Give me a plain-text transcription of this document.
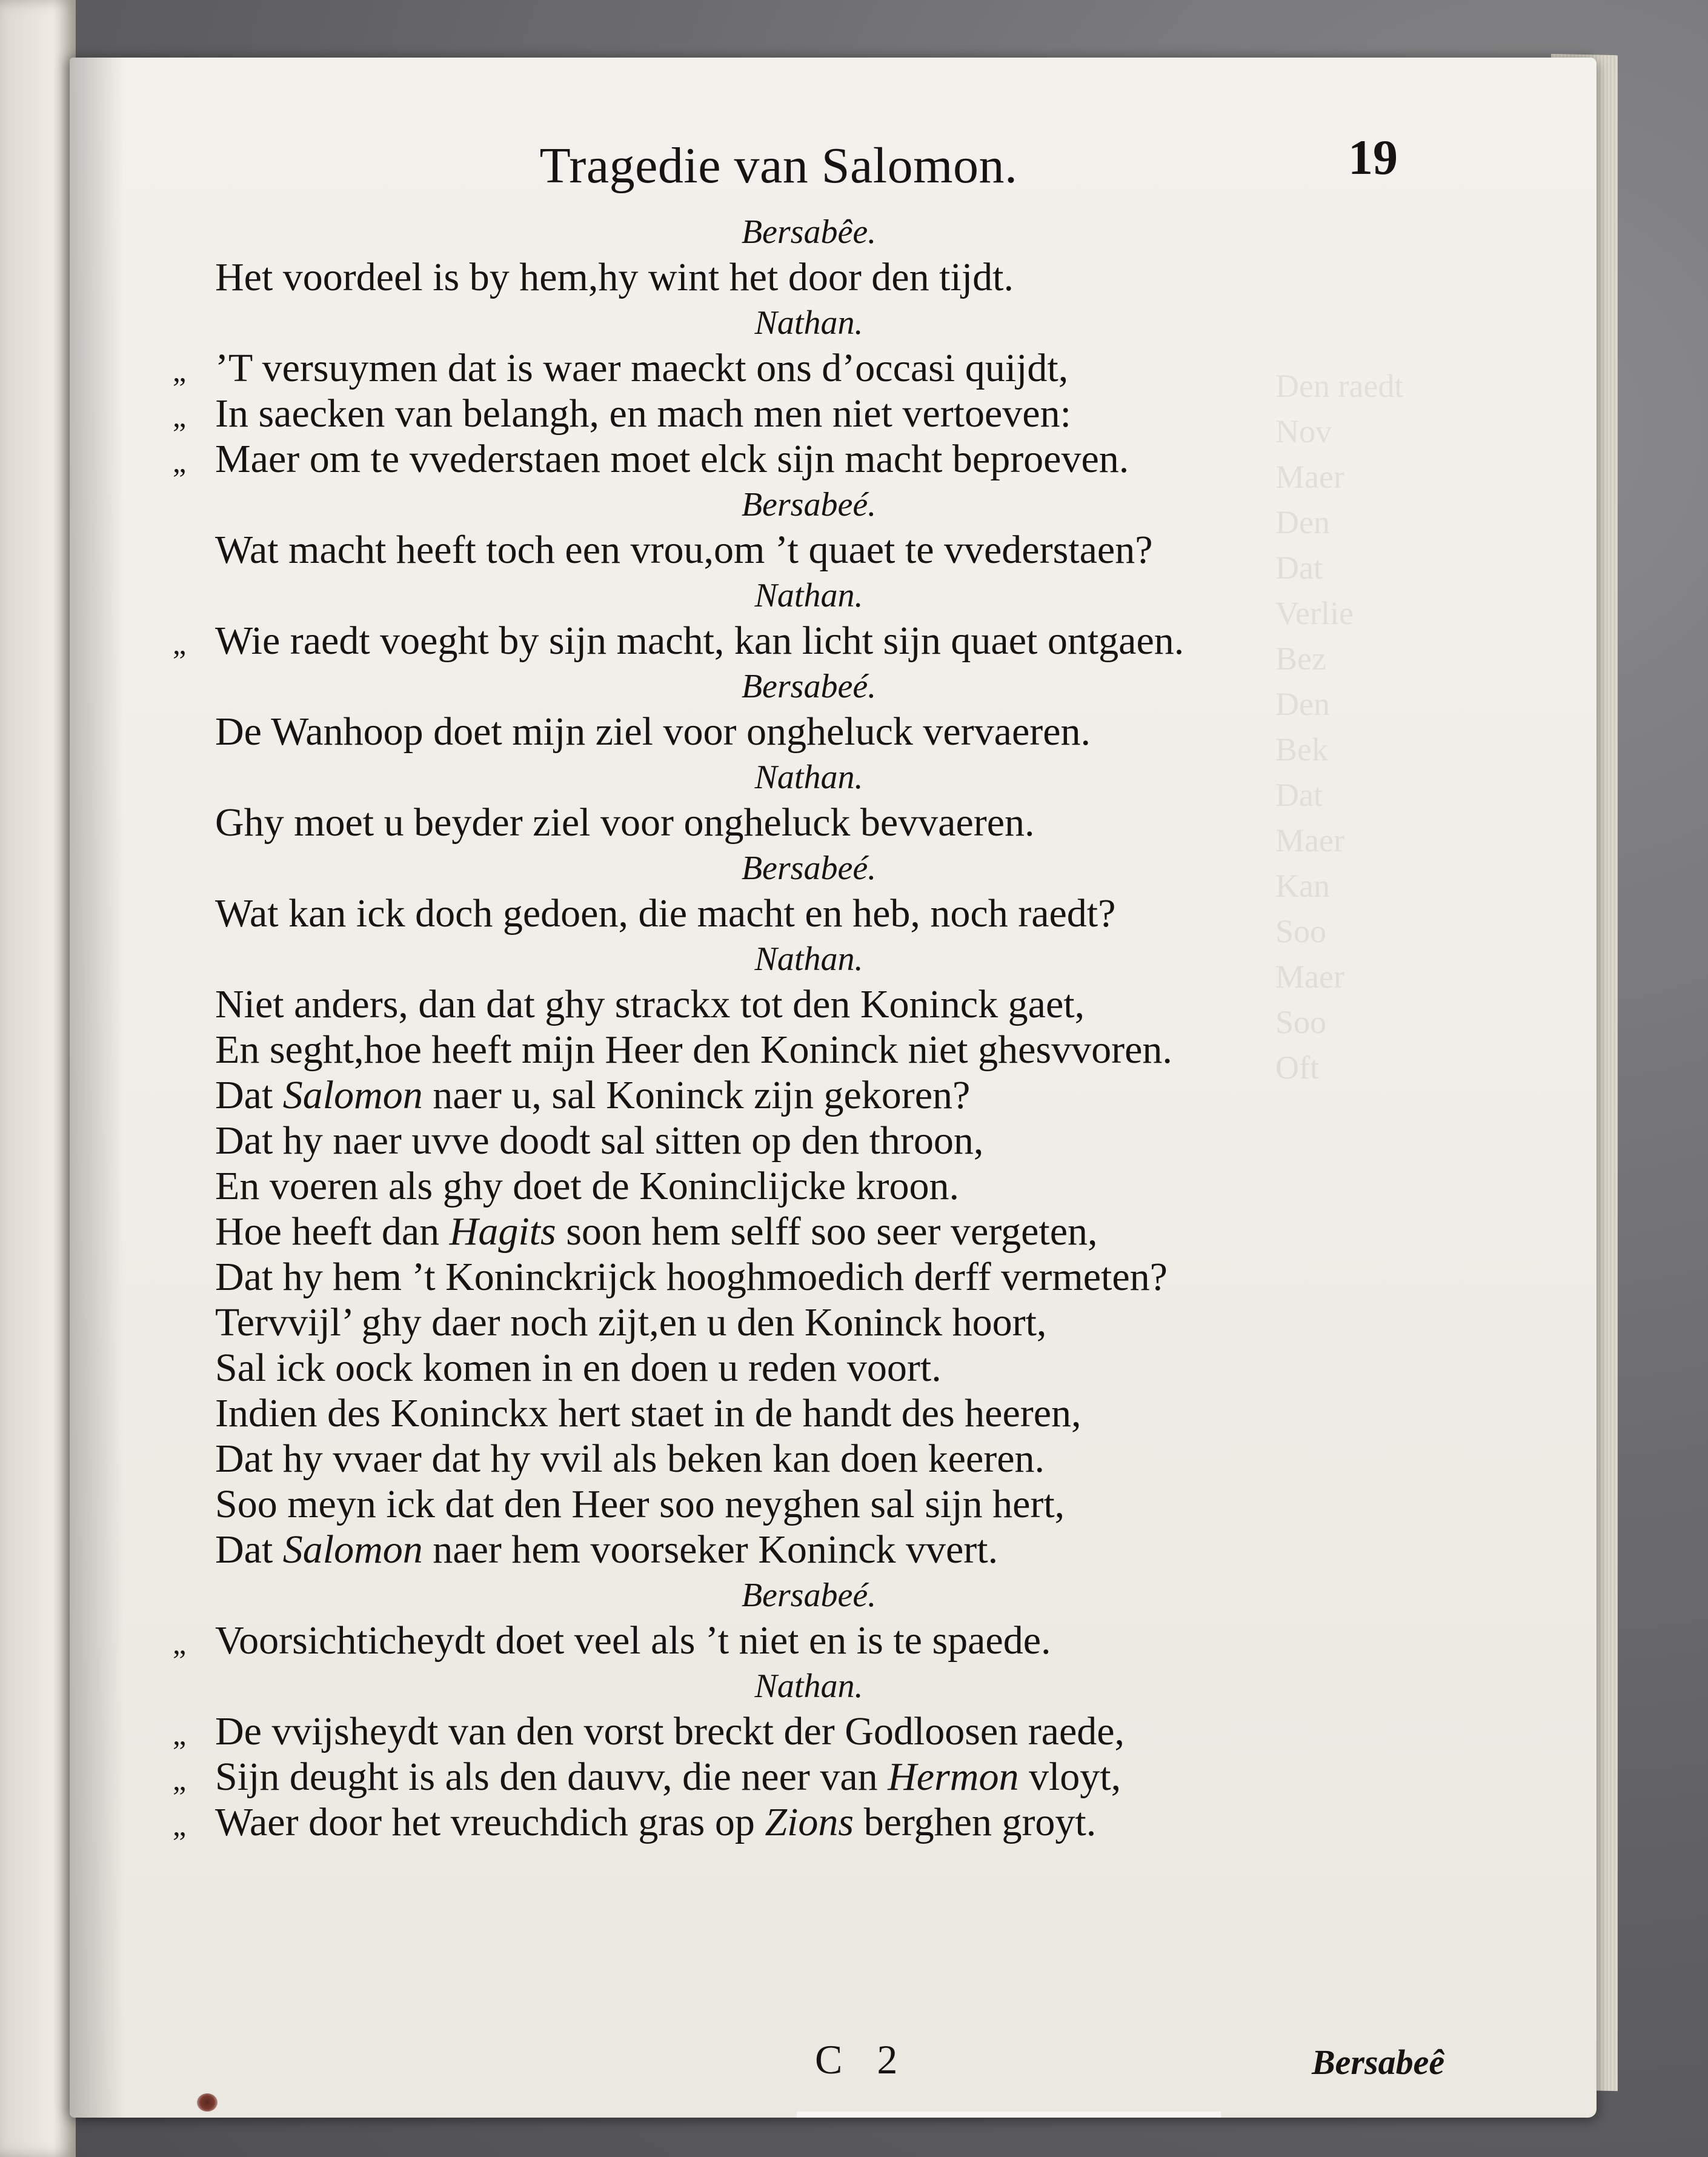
Den raedt
Nov
Maer
Den
Dat
Verlie
Bez
Den
Bek
Dat
Maer
Kan
Soo
Maer
Soo
Oft

Tragedie van Salomon.	19
Bersabêe.
Het voordeel is by hem,hy wint het door den tijdt.
Nathan.
„ ’T versuymen dat is waer maeckt ons d’occasi quijdt,
„ In saecken van belangh, en mach men niet vertoeven:
„ Maer om te vvederstaen moet elck sijn macht beproeven.
Bersabeé.
Wat macht heeft toch een vrou,om ’t quaet te vvederstaen?
Nathan.
„ Wie raedt voeght by sijn macht, kan licht sijn quaet ontgaen.
Bersabeé.
De Wanhoop doet mijn ziel voor ongheluck vervaeren.
Nathan.
Ghy moet u beyder ziel voor ongheluck bevvaeren.
Bersabeé.
Wat kan ick doch gedoen, die macht en heb, noch raedt?
Nathan.
Niet anders, dan dat ghy strackx tot den Koninck gaet,
En seght,hoe heeft mijn Heer den Koninck niet ghesvvoren.
Dat Salomon naer u, sal Koninck zijn gekoren?
Dat hy naer uvve doodt sal sitten op den throon,
En voeren als ghy doet de Koninclijcke kroon.
Hoe heeft dan Hagits soon hem selff soo seer vergeten,
Dat hy hem ’t Koninckrijck hooghmoedich derff vermeten?
Tervvijl’ ghy daer noch zijt,en u den Koninck hoort,
Sal ick oock komen in en doen u reden voort.
Indien des Koninckx hert staet in de handt des heeren,
Dat hy vvaer dat hy vvil als beken kan doen keeren.
Soo meyn ick dat den Heer soo neyghen sal sijn hert,
Dat Salomon naer hem voorseker Koninck vvert.
Bersabeé.
„ Voorsichticheydt doet veel als ’t niet en is te spaede.
Nathan.
„ De vvijsheydt van den vorst breckt der Godloosen raede,
„ Sijn deught is als den dauvv, die neer van Hermon vloyt,
„ Waer door het vreuchdich gras op Zions berghen groyt.
C 2	Bersabeê
